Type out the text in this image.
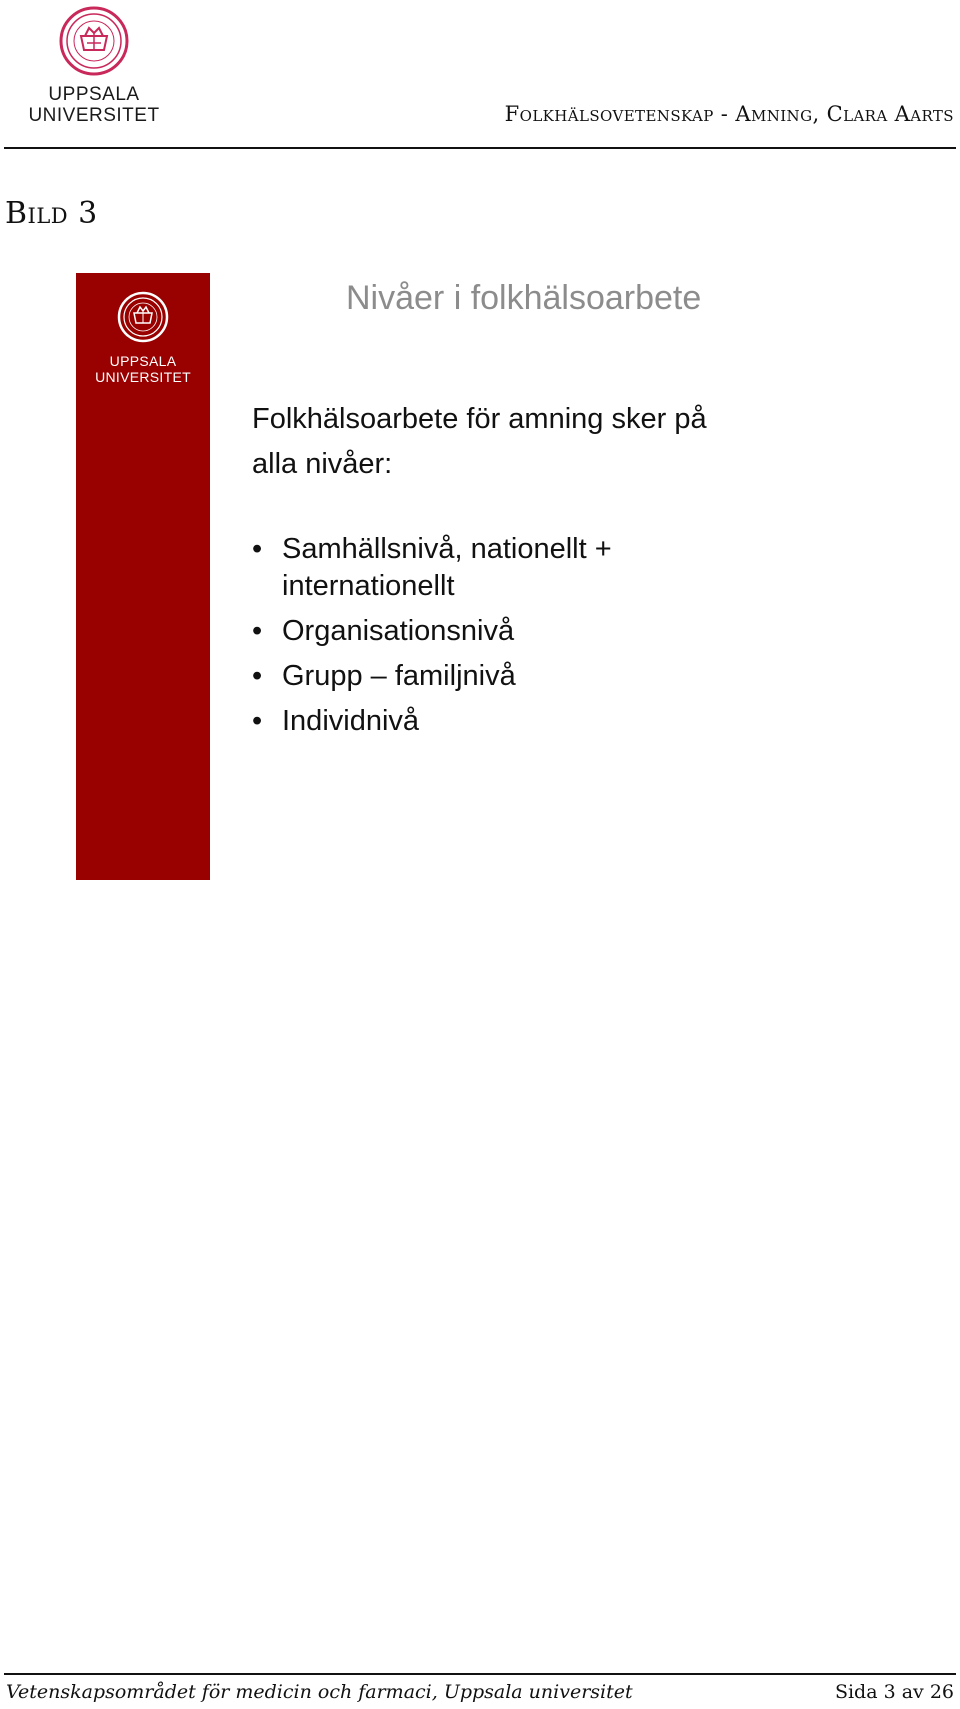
UPPSALA
UNIVERSITET	Folkhälsovetenskap - Amning, Clara Aarts
Bild 3
UPPSALA
UNIVERSITET
Nivåer i folkhälsoarbete
Folkhälsoarbete för amning sker på alla nivåer:
• Samhällsnivå, nationellt + internationellt
• Organisationsnivå
• Grupp – familjnivå
• Individnivå
Vetenskapsområdet för medicin och farmaci, Uppsala universitet	Sida 3 av 26
